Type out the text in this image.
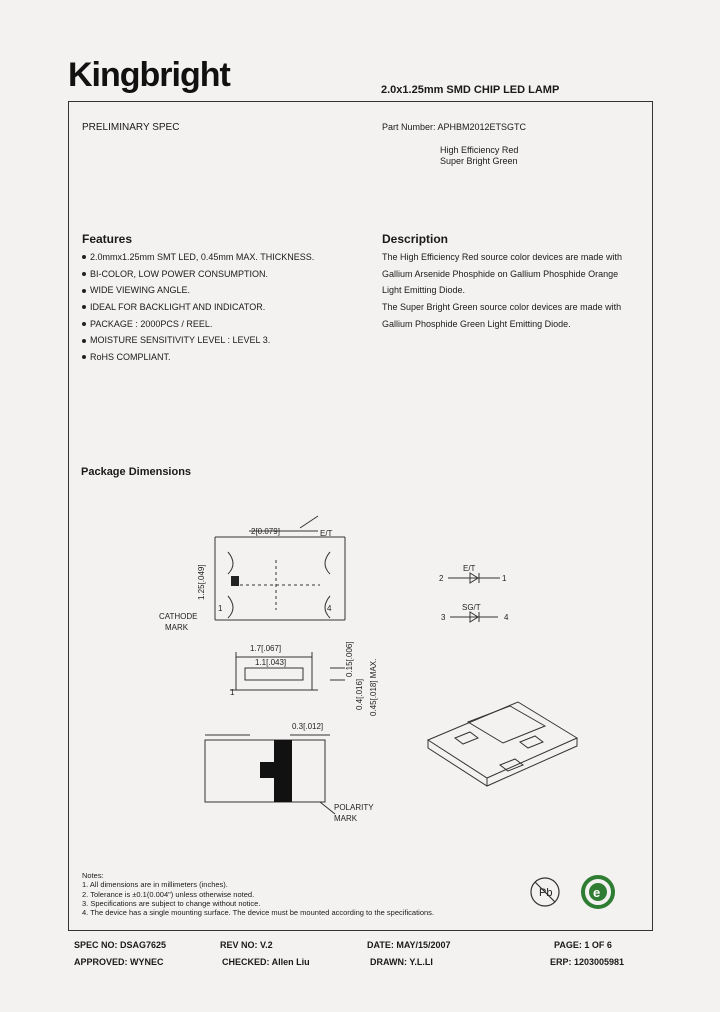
Kingbright	2.0x1.25mm SMD CHIP LED LAMP
PRELIMINARY SPEC	Part Number: APHBM2012ETSGTC
High Efficiency Red
Super Bright Green
Features
2.0mmx1.25mm SMT LED, 0.45mm MAX. THICKNESS.
BI-COLOR, LOW POWER CONSUMPTION.
WIDE VIEWING ANGLE.
IDEAL FOR BACKLIGHT AND INDICATOR.
PACKAGE : 2000PCS / REEL.
MOISTURE SENSITIVITY LEVEL : LEVEL 3.
RoHS COMPLIANT.
Description
The High Efficiency Red source color devices are made with
Gallium Arsenide Phosphide on Gallium Phosphide Orange
Light Emitting Diode.
The Super Bright Green source color devices are made with
Gallium Phosphide Green Light Emitting Diode.
Package Dimensions
2[0.079]	E/T
1.25[.049]
1	4
CATHODE
MARK
1.7[.067]
1.1[.043]	0.15[.006]
0.4[.016] 0.45[.018] MAX.
0.3[.012]
1
POLARITY
MARK
E/T
SG/T
2	1
3	4
Notes:
1. All dimensions are in millimeters (inches).
2. Tolerance is ±0.1(0.004") unless otherwise noted.
3. Specifications are subject to change without notice.
4. The device has a single mounting surface. The device must be mounted according to the specifications.
Pb	e
SPEC NO: DSAG7625	REV NO: V.2	DATE: MAY/15/2007	PAGE: 1 OF 6
APPROVED: WYNEC	CHECKED: Allen Liu	DRAWN: Y.L.LI	ERP: 1203005981
